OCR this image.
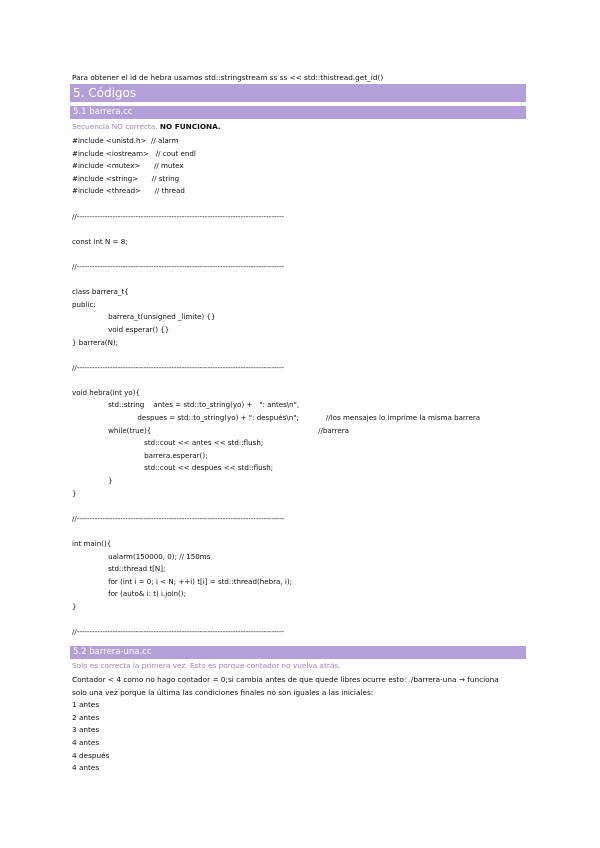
Para obtener el id de hebra usamos std::stringstream ss ss << std::thistread.get_id()
5. Códigos
5.1 barrera.cc
Secuencia NO correcta. NO FUNCIONA.
#include <unistd.h>  // alarm
#include <iostream>   // cout endl
#include <mutex>      // mutex
#include <string>      // string
#include <thread>      // thread
//---------------------------------------------------------------------------------
const int N = 8;
//---------------------------------------------------------------------------------
class barrera_t{
public:
barrera_t(unsigned _limite) {}
void esperar() {}
} barrera(N);
//---------------------------------------------------------------------------------
void hebra(int yo){
std::string    antes = std::to_string(yo) +   ": antes\n",
despues = std::to_string(yo) + ": después\n";            //los mensajes lo imprime la misma barrera
while(true){                                                                          //barrera
std::cout << antes << std::flush;
barrera.esperar();
std::cout << despues << std::flush;
}
}
//---------------------------------------------------------------------------------
int main(){
ualarm(150000, 0); // 150ms
std::thread t[N];
for (int i = 0; i < N; ++i) t[i] = std::thread(hebra, i);
for (auto& i: t) i.join();
}
//---------------------------------------------------------------------------------
5.2 barrera-una.cc
Solo es correcta la primera vez. Esto es porque contador no vuelva atrás.
Contador < 4 como no hago contador = 0;si cambia antes de que quede libres ocurre esto: ./barrera-una → funciona
solo una vez porque la última las condiciones finales no son iguales a las iniciales:
1 antes
2 antes
3 antes
4 antes
4 después
4 antes
